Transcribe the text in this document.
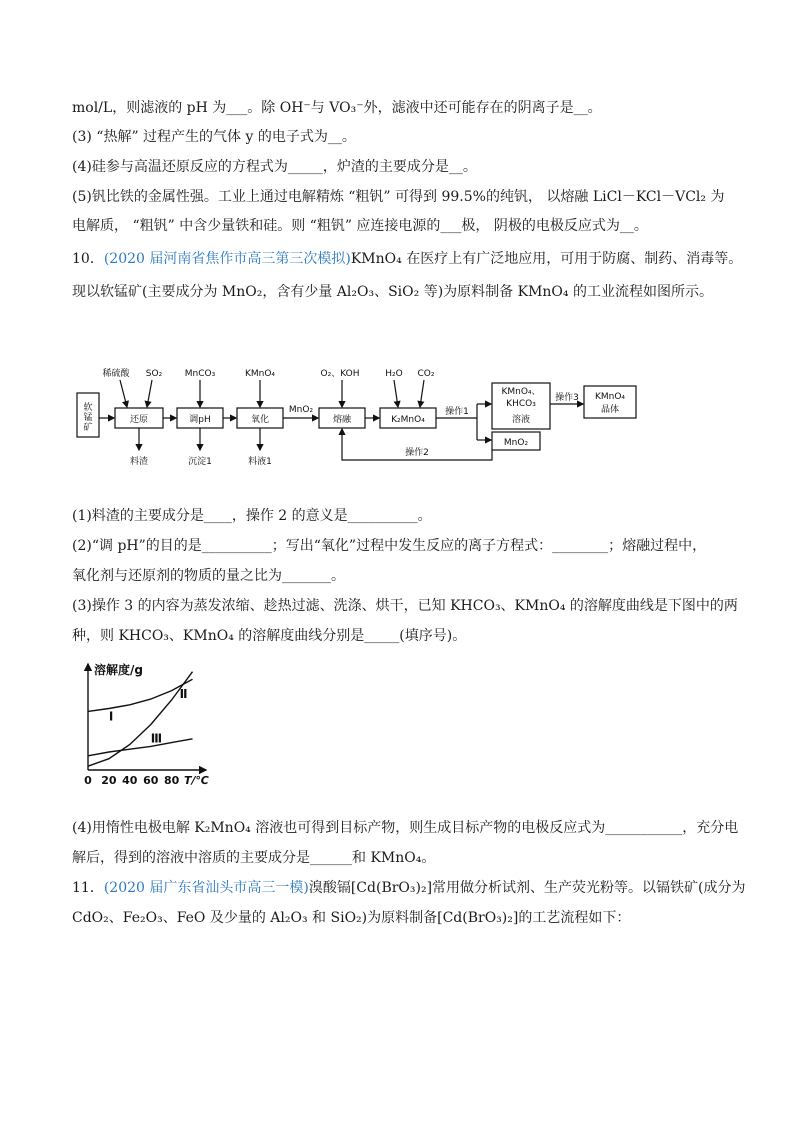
mol/L，则滤液的 pH 为___。除 OH⁻与 VO₃⁻外，滤液中还可能存在的阴离子是__。
(3) “热解” 过程产生的气体 y 的电子式为__。
(4)硅参与高温还原反应的方程式为_____，炉渣的主要成分是__。
(5)钒比铁的金属性强。工业上通过电解精炼 “粗钒” 可得到 99.5%的纯钒， 以熔融 LiCl－KCl－VCl₂ 为
电解质， “粗钒” 中含少量铁和硅。则 “粗钒” 应连接电源的___极， 阴极的电极反应式为__。
10．(2020 届河南省焦作市高三第三次模拟)KMnO₄ 在医疗上有广泛地应用，可用于防腐、制药、消毒等。
现以软锰矿(主要成分为 MnO₂，含有少量 Al₂O₃、SiO₂ 等)为原料制备 KMnO₄ 的工业流程如图所示。
软锰矿
还原	调pH	氧化	熔融	K₂MnO₄
稀硫酸 SO₂	MnCO₃	KMnO₄	O₂、KOH	H₂O CO₂
料渣	沉淀1	料液1
MnO₂	操作1
操作2
操作3
KMnO₄、
KHCO₃
溶液
MnO₂
KMnO₄
晶体
(1)料渣的主要成分是____，操作 2 的意义是__________。
(2)“调 pH”的目的是__________；写出“氧化”过程中发生反应的离子方程式：________；熔融过程中，
氧化剂与还原剂的物质的量之比为_______。
(3)操作 3 的内容为蒸发浓缩、趁热过滤、洗涤、烘干，已知 KHCO₃、KMnO₄ 的溶解度曲线是下图中的两
种，则 KHCO₃、KMnO₄ 的溶解度曲线分别是_____(填序号)。
溶解度/g
0 20 40 60 80 T/℃
Ⅰ
Ⅱ
Ⅲ
(4)用惰性电极电解 K₂MnO₄ 溶液也可得到目标产物，则生成目标产物的电极反应式为___________，充分电
解后，得到的溶液中溶质的主要成分是______和 KMnO₄。
11．(2020 届广东省汕头市高三一模)溴酸镉[Cd(BrO₃)₂]常用做分析试剂、生产荧光粉等。以镉铁矿(成分为
CdO₂、Fe₂O₃、FeO 及少量的 Al₂O₃ 和 SiO₂)为原料制备[Cd(BrO₃)₂]的工艺流程如下：
